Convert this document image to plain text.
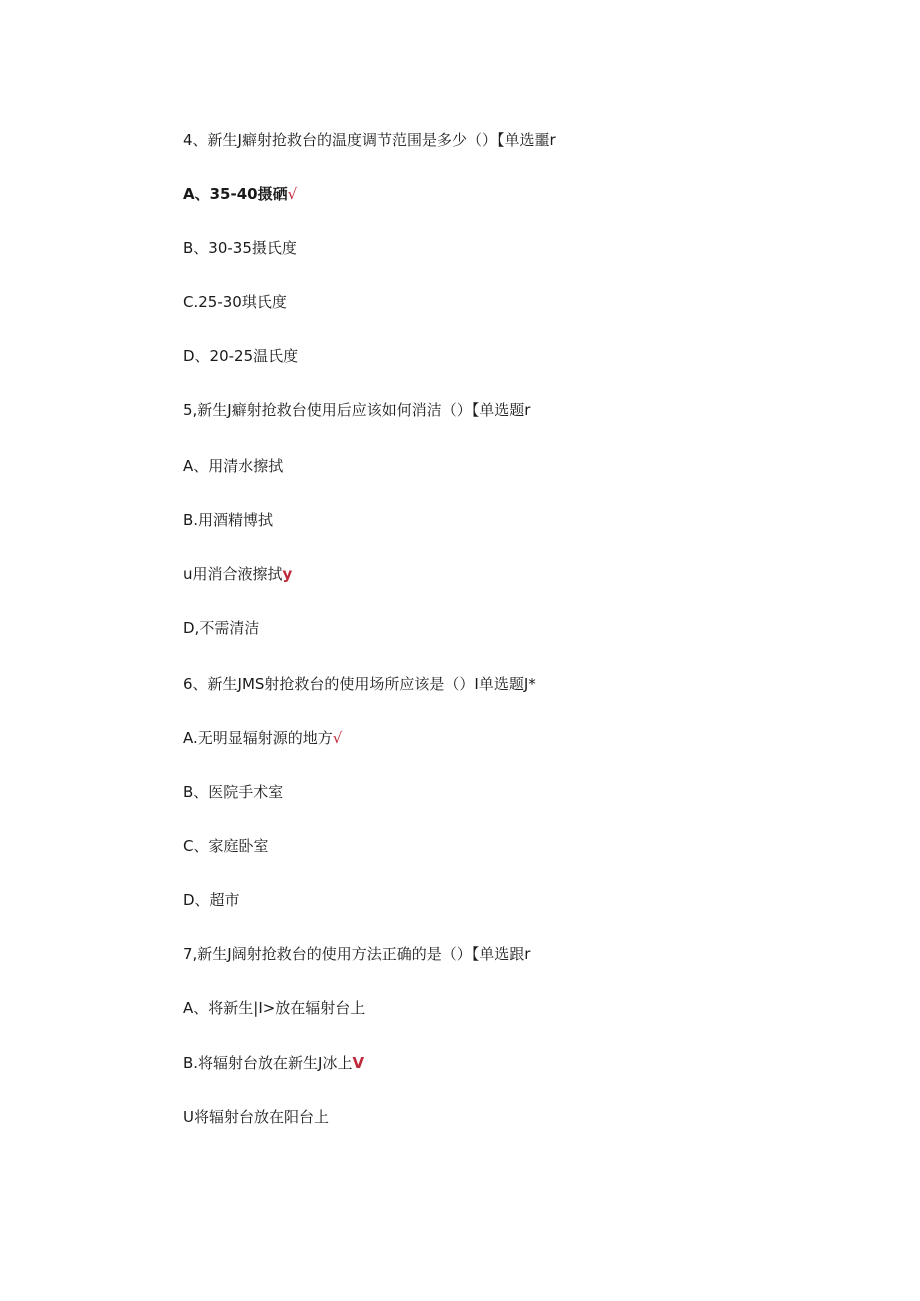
4、新生J癖射抢救台的温度调节范围是多少（）【单选噩r
A、35-40摄硒√
B、30-35摄氏度
C.25-30琪氏度
D、20-25温氏度
5,新生J癖射抢救台使用后应该如何消洁（）【单选题r
A、用清水擦拭
B.用酒精博拭
u用消合液擦拭y
D,不需清洁
6、新生JMS射抢救台的使用场所应该是（）I单选题J*
A.无明显辐射源的地方√
B、医院手术室
C、家庭卧室
D、超市
7,新生J阔射抢救台的使用方法正确的是（）【单选跟r
A、将新生|I>放在辐射台上
B.将辐射台放在新生J冰上V
U将辐射台放在阳台上
